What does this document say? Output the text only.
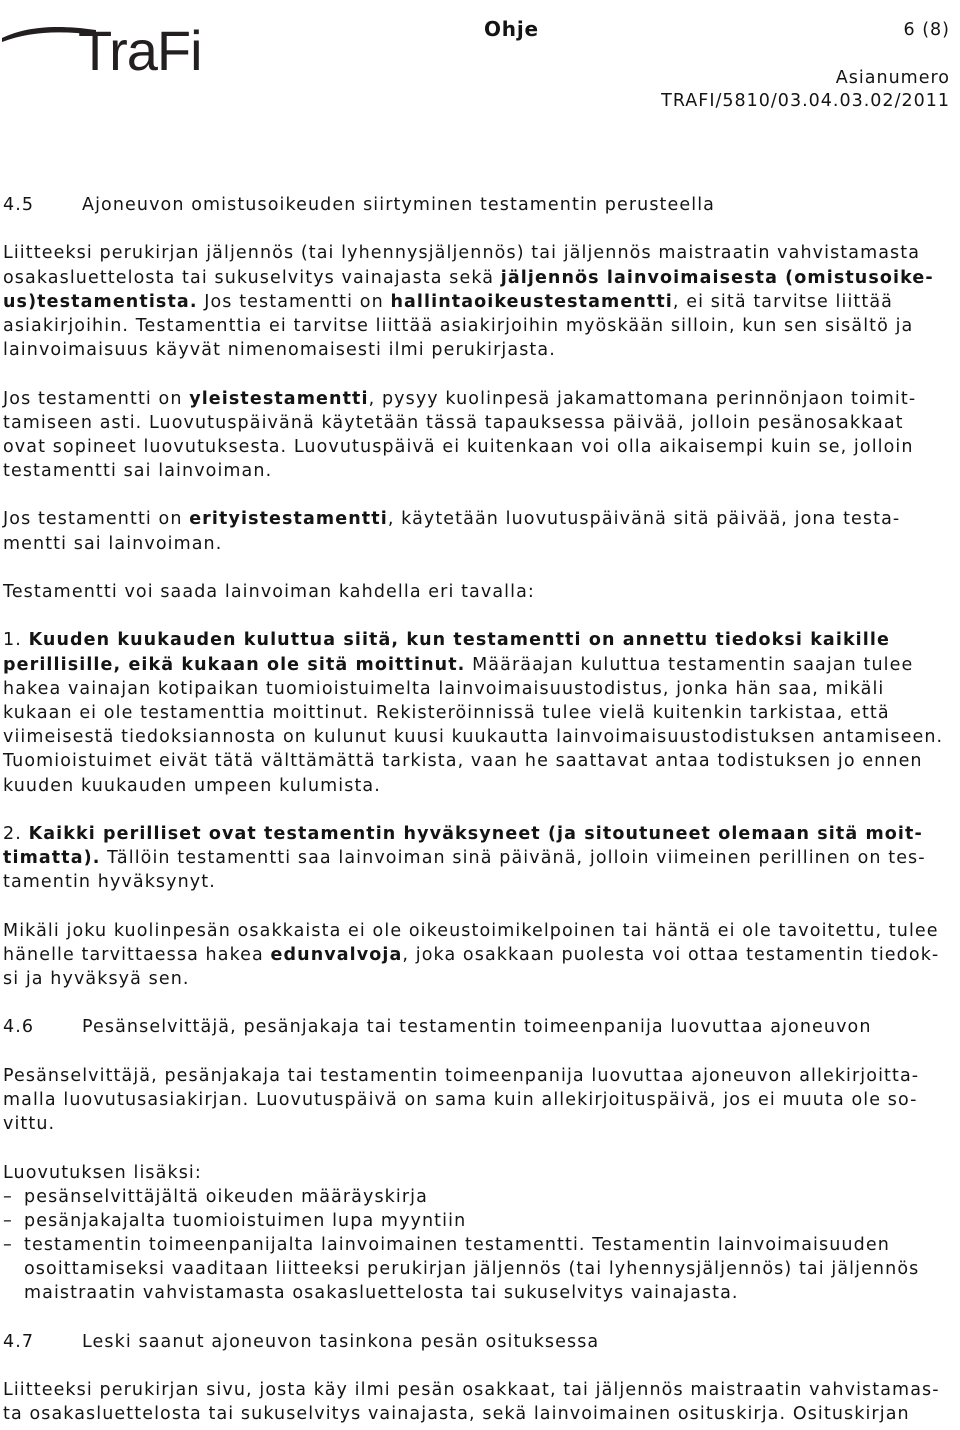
TraFi	Ohje	6 (8)
Asianumero
TRAFI/5810/03.04.03.02/2011
4.5	Ajoneuvon omistusoikeuden siirtyminen testamentin perusteella
Liitteeksi perukirjan jäljennös (tai lyhennysjäljennös) tai jäljennös maistraatin vahvistamasta
osakasluettelosta tai sukuselvitys vainajasta sekä jäljennös lainvoimaisesta (omistusoike-
us)testamentista. Jos testamentti on hallintaoikeustestamentti, ei sitä tarvitse liittää
asiakirjoihin. Testamenttia ei tarvitse liittää asiakirjoihin myöskään silloin, kun sen sisältö ja
lainvoimaisuus käyvät nimenomaisesti ilmi perukirjasta.
Jos testamentti on yleistestamentti, pysyy kuolinpesä jakamattomana perinnönjaon toimit-
tamiseen asti. Luovutuspäivänä käytetään tässä tapauksessa päivää, jolloin pesänosakkaat
ovat sopineet luovutuksesta. Luovutuspäivä ei kuitenkaan voi olla aikaisempi kuin se, jolloin
testamentti sai lainvoiman.
Jos testamentti on erityistestamentti, käytetään luovutuspäivänä sitä päivää, jona testa-
mentti sai lainvoiman.
Testamentti voi saada lainvoiman kahdella eri tavalla:
1. Kuuden kuukauden kuluttua siitä, kun testamentti on annettu tiedoksi kaikille
perillisille, eikä kukaan ole sitä moittinut. Määräajan kuluttua testamentin saajan tulee
hakea vainajan kotipaikan tuomioistuimelta lainvoimaisuustodistus, jonka hän saa, mikäli
kukaan ei ole testamenttia moittinut. Rekisteröinnissä tulee vielä kuitenkin tarkistaa, että
viimeisestä tiedoksiannosta on kulunut kuusi kuukautta lainvoimaisuustodistuksen antamiseen.
Tuomioistuimet eivät tätä välttämättä tarkista, vaan he saattavat antaa todistuksen jo ennen
kuuden kuukauden umpeen kulumista.
2. Kaikki perilliset ovat testamentin hyväksyneet (ja sitoutuneet olemaan sitä moit-
timatta). Tällöin testamentti saa lainvoiman sinä päivänä, jolloin viimeinen perillinen on tes-
tamentin hyväksynyt.
Mikäli joku kuolinpesän osakkaista ei ole oikeustoimikelpoinen tai häntä ei ole tavoitettu, tulee
hänelle tarvittaessa hakea edunvalvoja, joka osakkaan puolesta voi ottaa testamentin tiedok-
si ja hyväksyä sen.
4.6	Pesänselvittäjä, pesänjakaja tai testamentin toimeenpanija luovuttaa ajoneuvon
Pesänselvittäjä, pesänjakaja tai testamentin toimeenpanija luovuttaa ajoneuvon allekirjoitta-
malla luovutusasiakirjan. Luovutuspäivä on sama kuin allekirjoituspäivä, jos ei muuta ole so-
vittu.
Luovutuksen lisäksi:
– pesänselvittäjältä oikeuden määräyskirja
– pesänjakajalta tuomioistuimen lupa myyntiin
– testamentin toimeenpanijalta lainvoimainen testamentti. Testamentin lainvoimaisuuden
osoittamiseksi vaaditaan liitteeksi perukirjan jäljennös (tai lyhennysjäljennös) tai jäljennös
maistraatin vahvistamasta osakasluettelosta tai sukuselvitys vainajasta.
4.7	Leski saanut ajoneuvon tasinkona pesän osituksessa
Liitteeksi perukirjan sivu, josta käy ilmi pesän osakkaat, tai jäljennös maistraatin vahvistamas-
ta osakasluettelosta tai sukuselvitys vainajasta, sekä lainvoimainen osituskirja. Osituskirjan
